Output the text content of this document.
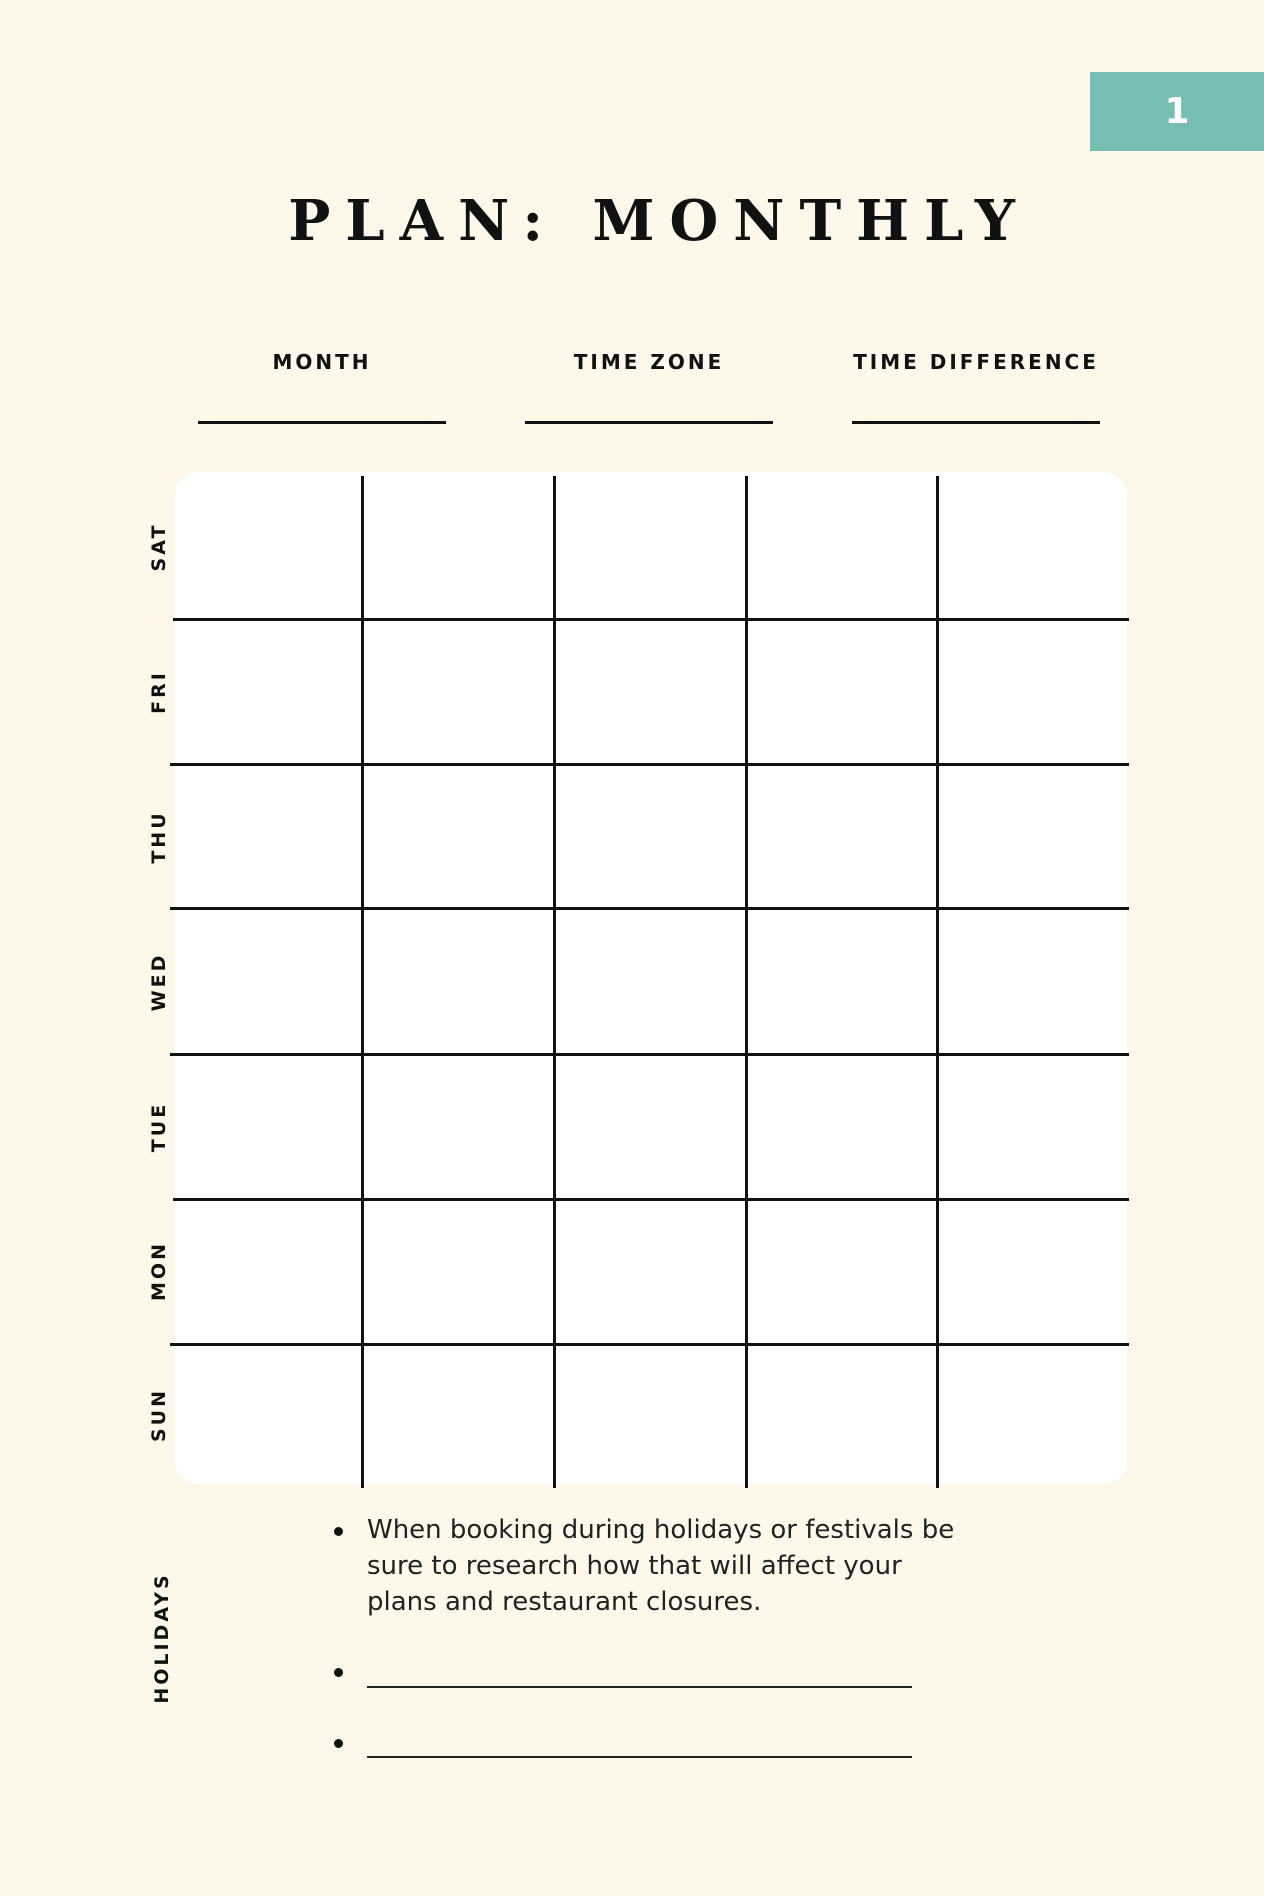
1
PLAN: MONTHLY
MONTH	TIME ZONE	TIME DIFFERENCE
SAT
FRI
THU
WED
TUE
MON
SUN
HOLIDAYS
When booking during holidays or festivals be sure to research how that will affect your plans and restaurant closures.
